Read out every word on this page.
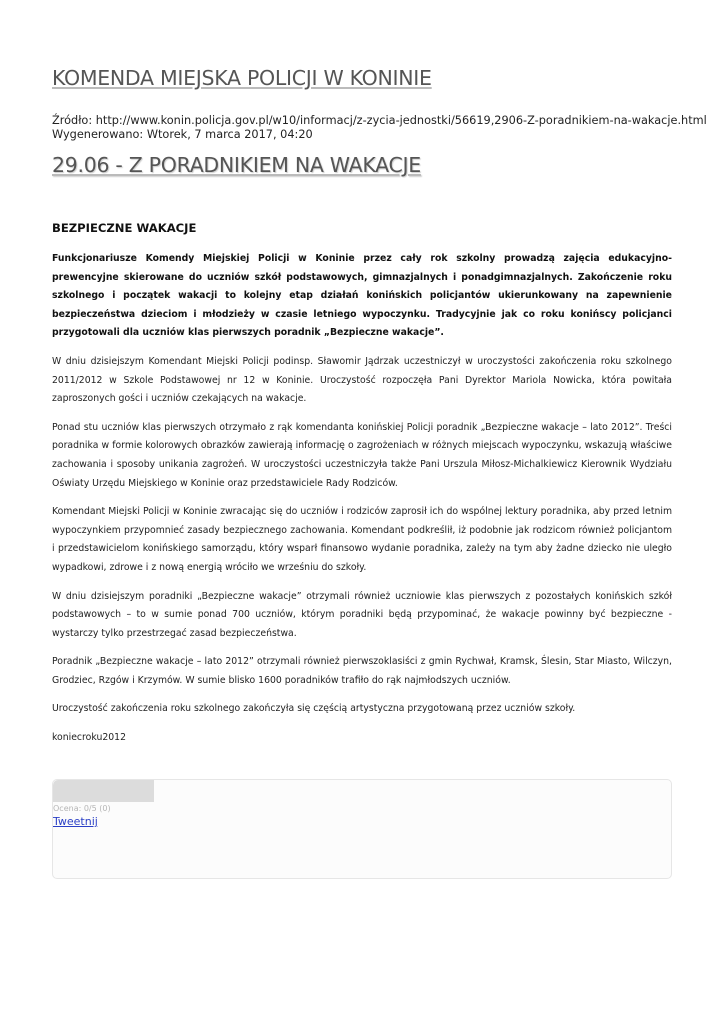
KOMENDA MIEJSKA POLICJI W KONINIE
Źródło: http://www.konin.policja.gov.pl/w10/informacj/z-zycia-jednostki/56619,2906-Z-poradnikiem-na-wakacje.html
Wygenerowano: Wtorek, 7 marca 2017, 04:20
29.06 - Z PORADNIKIEM NA WAKACJE
BEZPIECZNE WAKACJE

Funkcjonariusze Komendy Miejskiej Policji w Koninie przez cały rok szkolny prowadzą zajęcia edukacyjno-prewencyjne skierowane do uczniów szkół podstawowych, gimnazjalnych i ponadgimnazjalnych. Zakończenie roku szkolnego i początek wakacji to kolejny etap działań konińskich policjantów ukierunkowany na zapewnienie bezpieczeństwa dzieciom i młodzieży w czasie letniego wypoczynku. Tradycyjnie jak co roku konińscy policjanci przygotowali dla uczniów klas pierwszych poradnik „Bezpieczne wakacje”.

W dniu dzisiejszym Komendant Miejski Policji podinsp. Sławomir Jądrzak uczestniczył w uroczystości zakończenia roku szkolnego 2011/2012 w Szkole Podstawowej nr 12 w Koninie. Uroczystość rozpoczęła Pani Dyrektor Mariola Nowicka, która powitała zaproszonych gości i uczniów czekających na wakacje.

Ponad stu uczniów klas pierwszych otrzymało z rąk komendanta konińskiej Policji poradnik „Bezpieczne wakacje – lato 2012”. Treści poradnika w formie kolorowych obrazków zawierają informację o zagrożeniach w różnych miejscach wypoczynku, wskazują właściwe zachowania i sposoby unikania zagrożeń. W uroczystości uczestniczyła także Pani Urszula Miłosz-Michalkiewicz Kierownik Wydziału Oświaty Urzędu Miejskiego w Koninie oraz przedstawiciele Rady Rodziców.

Komendant Miejski Policji w Koninie zwracając się do uczniów i rodziców zaprosił ich do wspólnej lektury poradnika, aby przed letnim wypoczynkiem przypomnieć zasady bezpiecznego zachowania. Komendant podkreślił, iż podobnie jak rodzicom również policjantom i przedstawicielom konińskiego samorządu, który wsparł finansowo wydanie poradnika, zależy na tym aby żadne dziecko nie uległo wypadkowi, zdrowe i z nową energią wróciło we wrześniu do szkoły.

W dniu dzisiejszym poradniki „Bezpieczne wakacje” otrzymali również uczniowie klas pierwszych z pozostałych konińskich szkół podstawowych – to w sumie ponad 700 uczniów, którym poradniki będą przypominać, że wakacje powinny być bezpieczne - wystarczy tylko przestrzegać zasad bezpieczeństwa.

Poradnik „Bezpieczne wakacje – lato 2012” otrzymali również pierwszoklasiści z gmin Rychwał, Kramsk, Ślesin, Star Miasto, Wilczyn, Grodziec, Rzgów i Krzymów. W sumie blisko 1600 poradników trafiło do rąk najmłodszych uczniów.

Uroczystość zakończenia roku szkolnego zakończyła się częścią artystyczna przygotowaną przez uczniów szkoły.

koniecroku2012

Ocena: 0/5 (0)
Tweetnij
